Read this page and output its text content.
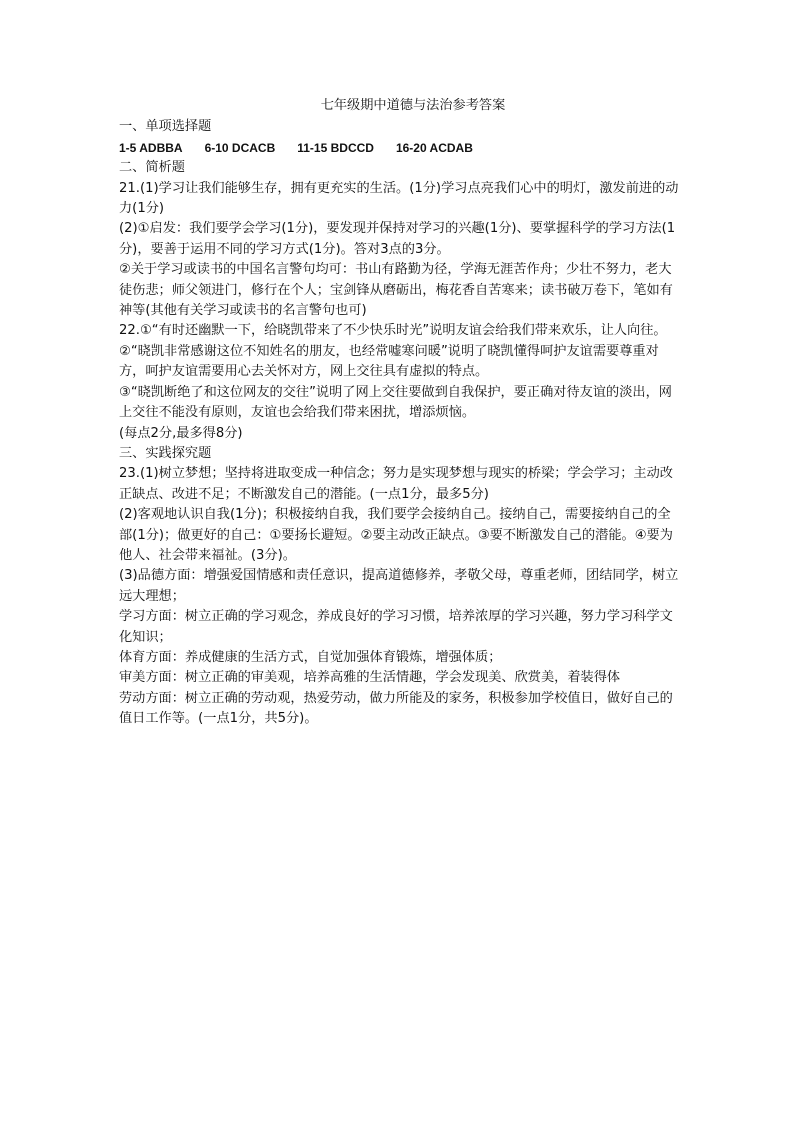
七年级期中道德与法治参考答案
一、单项选择题
1-5 ADBBA 6-10 DCACB 11-15 BDCCD 16-20 ACDAB
二、简析题

21.(1)学习让我们能够生存，拥有更充实的生活。(1分)学习点亮我们心中的明灯，激发前进的动力(1分)

(2)①启发：我们要学会学习(1分)，要发现并保持对学习的兴趣(1分)、要掌握科学的学习方法(1分)，要善于运用不同的学习方式(1分)。答对3点的3分。

②关于学习或读书的中国名言警句均可：书山有路勤为径，学海无涯苦作舟；少壮不努力，老大徒伤悲；师父领进门，修行在个人；宝剑锋从磨砺出，梅花香自苦寒来；读书破万卷下，笔如有神等(其他有关学习或读书的名言警句也可)

22.①“有时还幽默一下，给晓凯带来了不少快乐时光”说明友谊会给我们带来欢乐，让人向往。

②“晓凯非常感谢这位不知姓名的朋友，也经常嘘寒问暖”说明了晓凯懂得呵护友谊需要尊重对方，呵护友谊需要用心去关怀对方，网上交往具有虚拟的特点。

③“晓凯断绝了和这位网友的交往”说明了网上交往要做到自我保护，要正确对待友谊的淡出，网上交往不能没有原则，友谊也会给我们带来困扰，增添烦恼。

(每点2分,最多得8分)

三、实践探究题

23.(1)树立梦想；坚持将进取变成一种信念；努力是实现梦想与现实的桥梁；学会学习；主动改正缺点、改进不足；不断激发自己的潜能。(一点1分，最多5分)

(2)客观地认识自我(1分)；积极接纳自我，我们要学会接纳自己。接纳自己，需要接纳自己的全部(1分)；做更好的自己：①要扬长避短。②要主动改正缺点。③要不断激发自己的潜能。④要为他人、社会带来福祉。(3分)。

(3)品德方面：增强爱国情感和责任意识，提高道德修养，孝敬父母，尊重老师，团结同学，树立远大理想；

学习方面：树立正确的学习观念，养成良好的学习习惯，培养浓厚的学习兴趣，努力学习科学文化知识；

体育方面：养成健康的生活方式，自觉加强体育锻炼，增强体质；

审美方面：树立正确的审美观，培养高雅的生活情趣，学会发现美、欣赏美，着装得体

劳动方面：树立正确的劳动观，热爱劳动，做力所能及的家务，积极参加学校值日，做好自己的值日工作等。(一点1分，共5分)。
